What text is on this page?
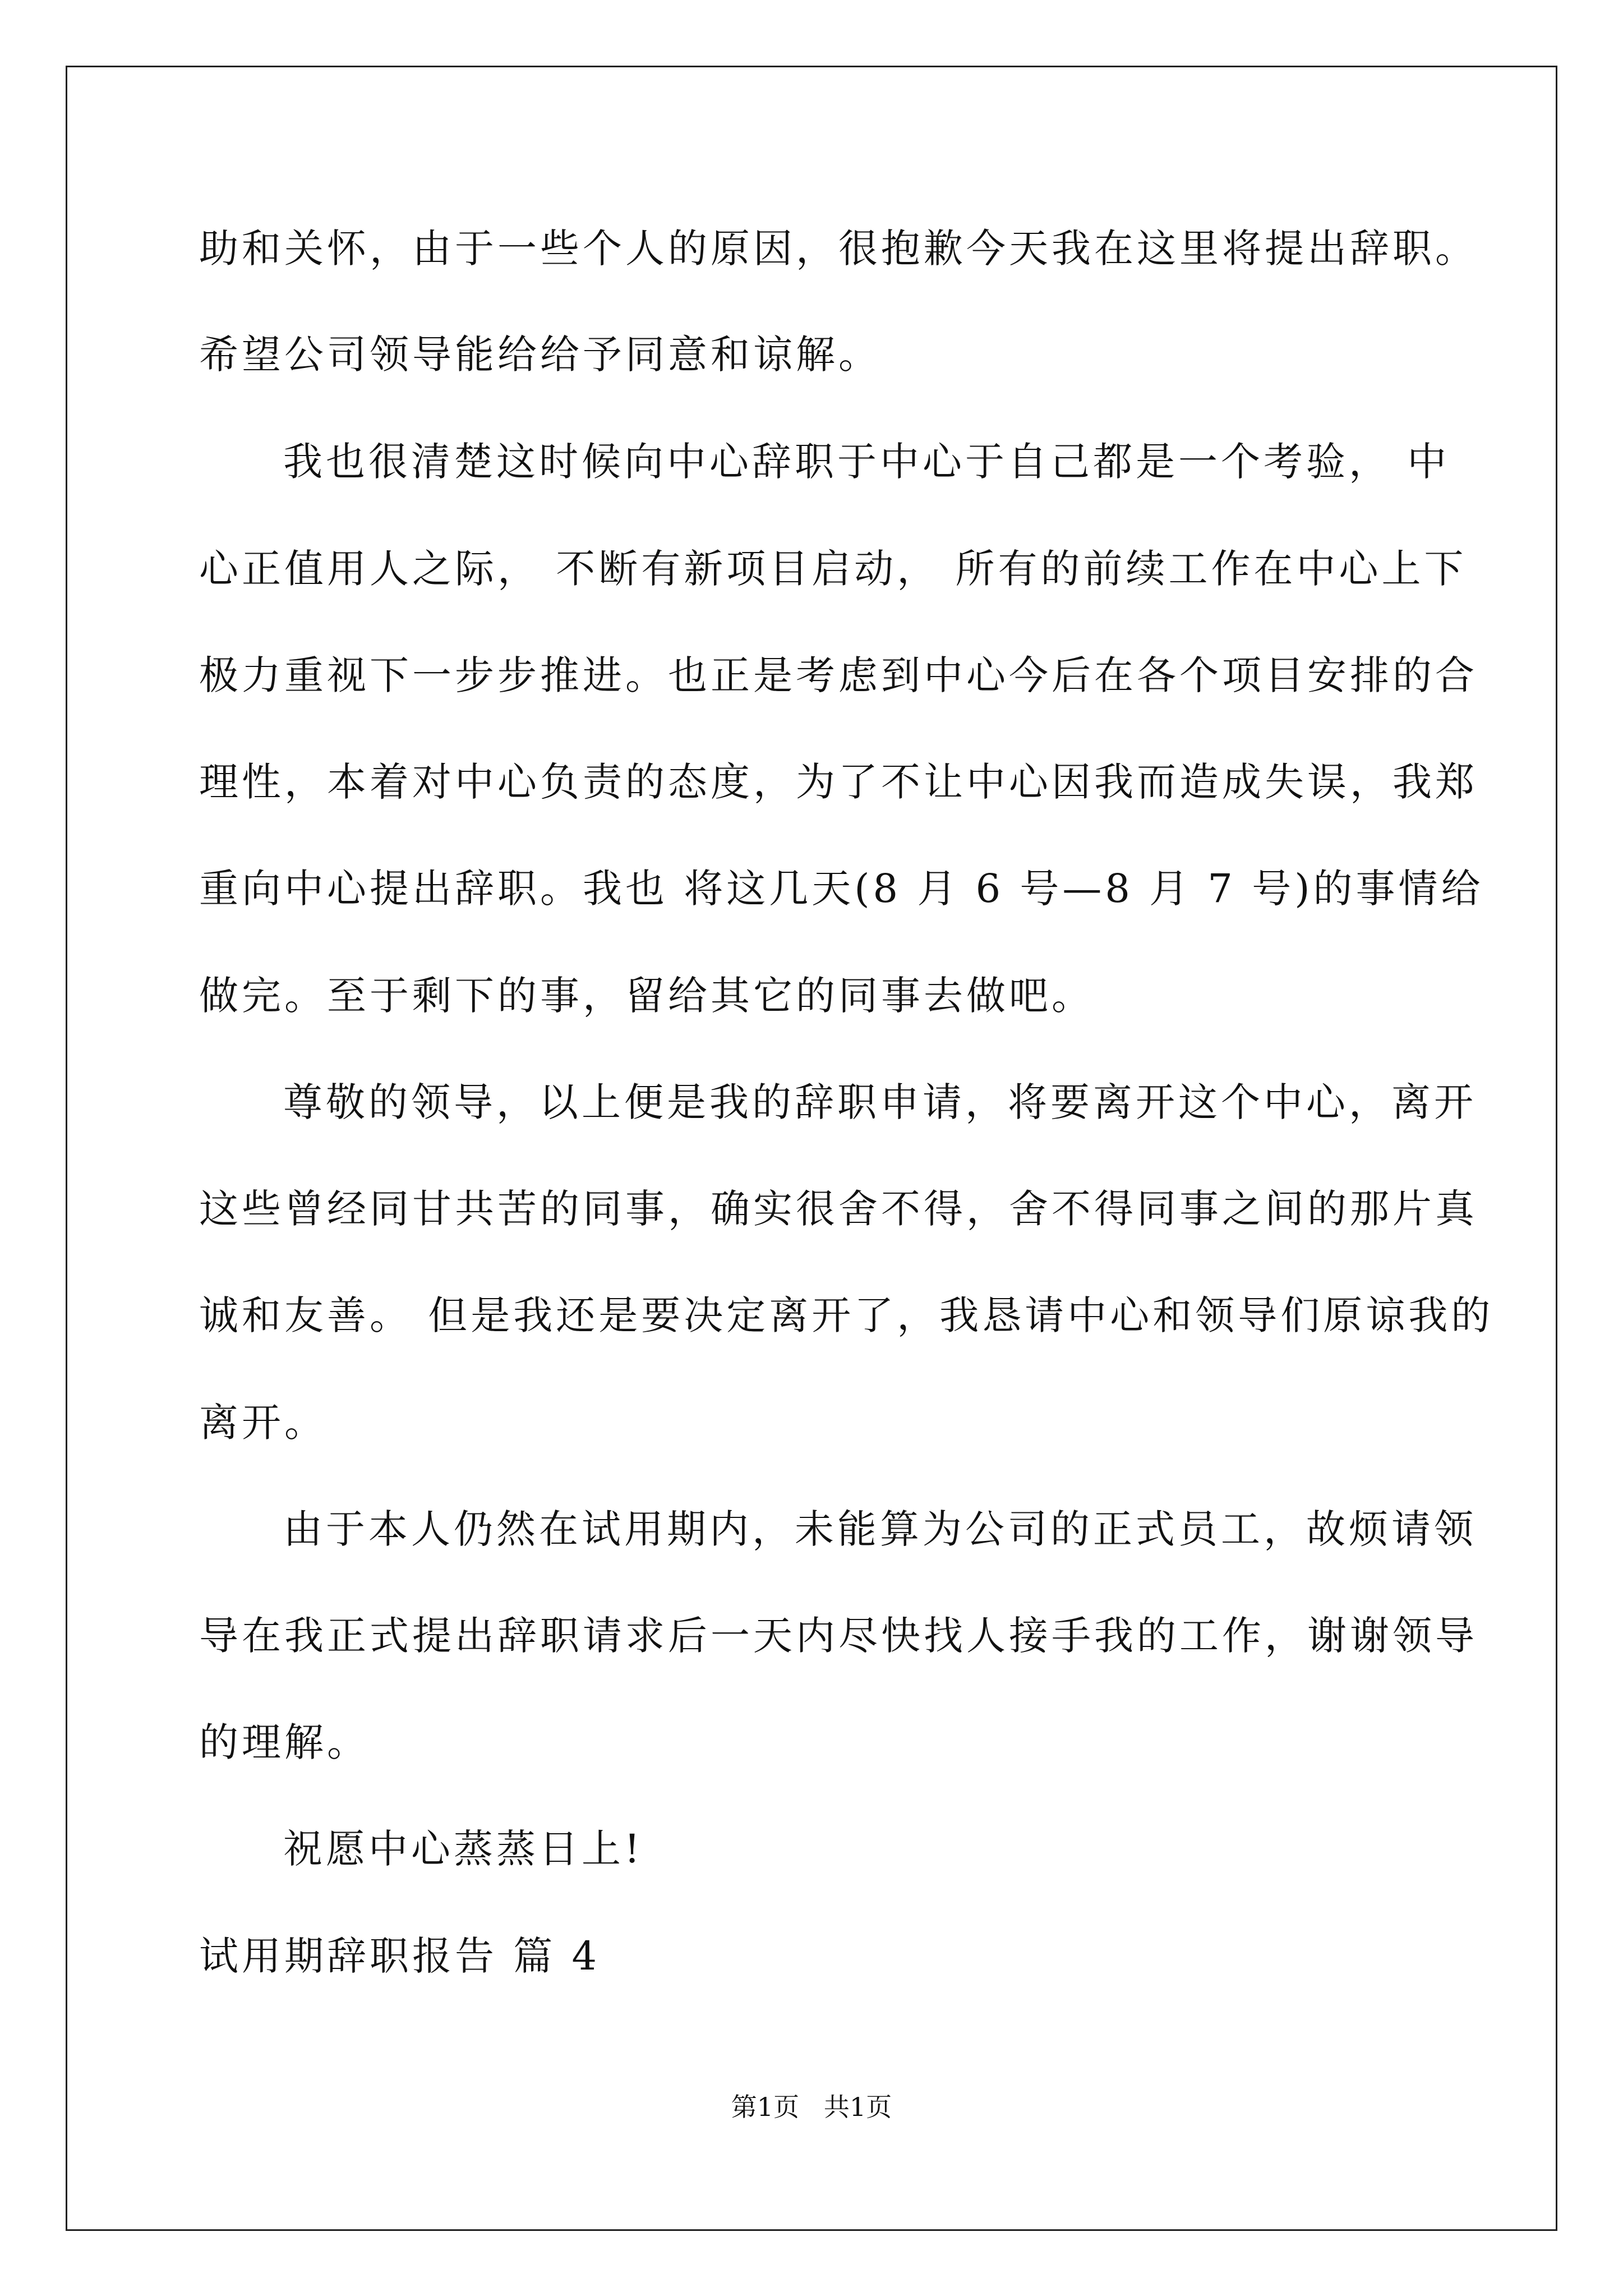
助和关怀，由于一些个人的原因，很抱歉今天我在这里将提出辞职。
希望公司领导能给给予同意和谅解。
我也很清楚这时候向中心辞职于中心于自己都是一个考验， 中
心正值用人之际， 不断有新项目启动， 所有的前续工作在中心上下
极力重视下一步步推进。也正是考虑到中心今后在各个项目安排的合
理性，本着对中心负责的态度，为了不让中心因我而造成失误，我郑
重向中心提出辞职。我也 将这几天(8 月 6 号—8 月 7 号)的事情给
做完。至于剩下的事，留给其它的同事去做吧。
尊敬的领导，以上便是我的辞职申请，将要离开这个中心，离开
这些曾经同甘共苦的同事，确实很舍不得，舍不得同事之间的那片真
诚和友善。 但是我还是要决定离开了，我恳请中心和领导们原谅我的
离开。
由于本人仍然在试用期内，未能算为公司的正式员工，故烦请领
导在我正式提出辞职请求后一天内尽快找人接手我的工作，谢谢领导
的理解。
祝愿中心蒸蒸日上!
试用期辞职报告 篇 4
第1页   共1页
